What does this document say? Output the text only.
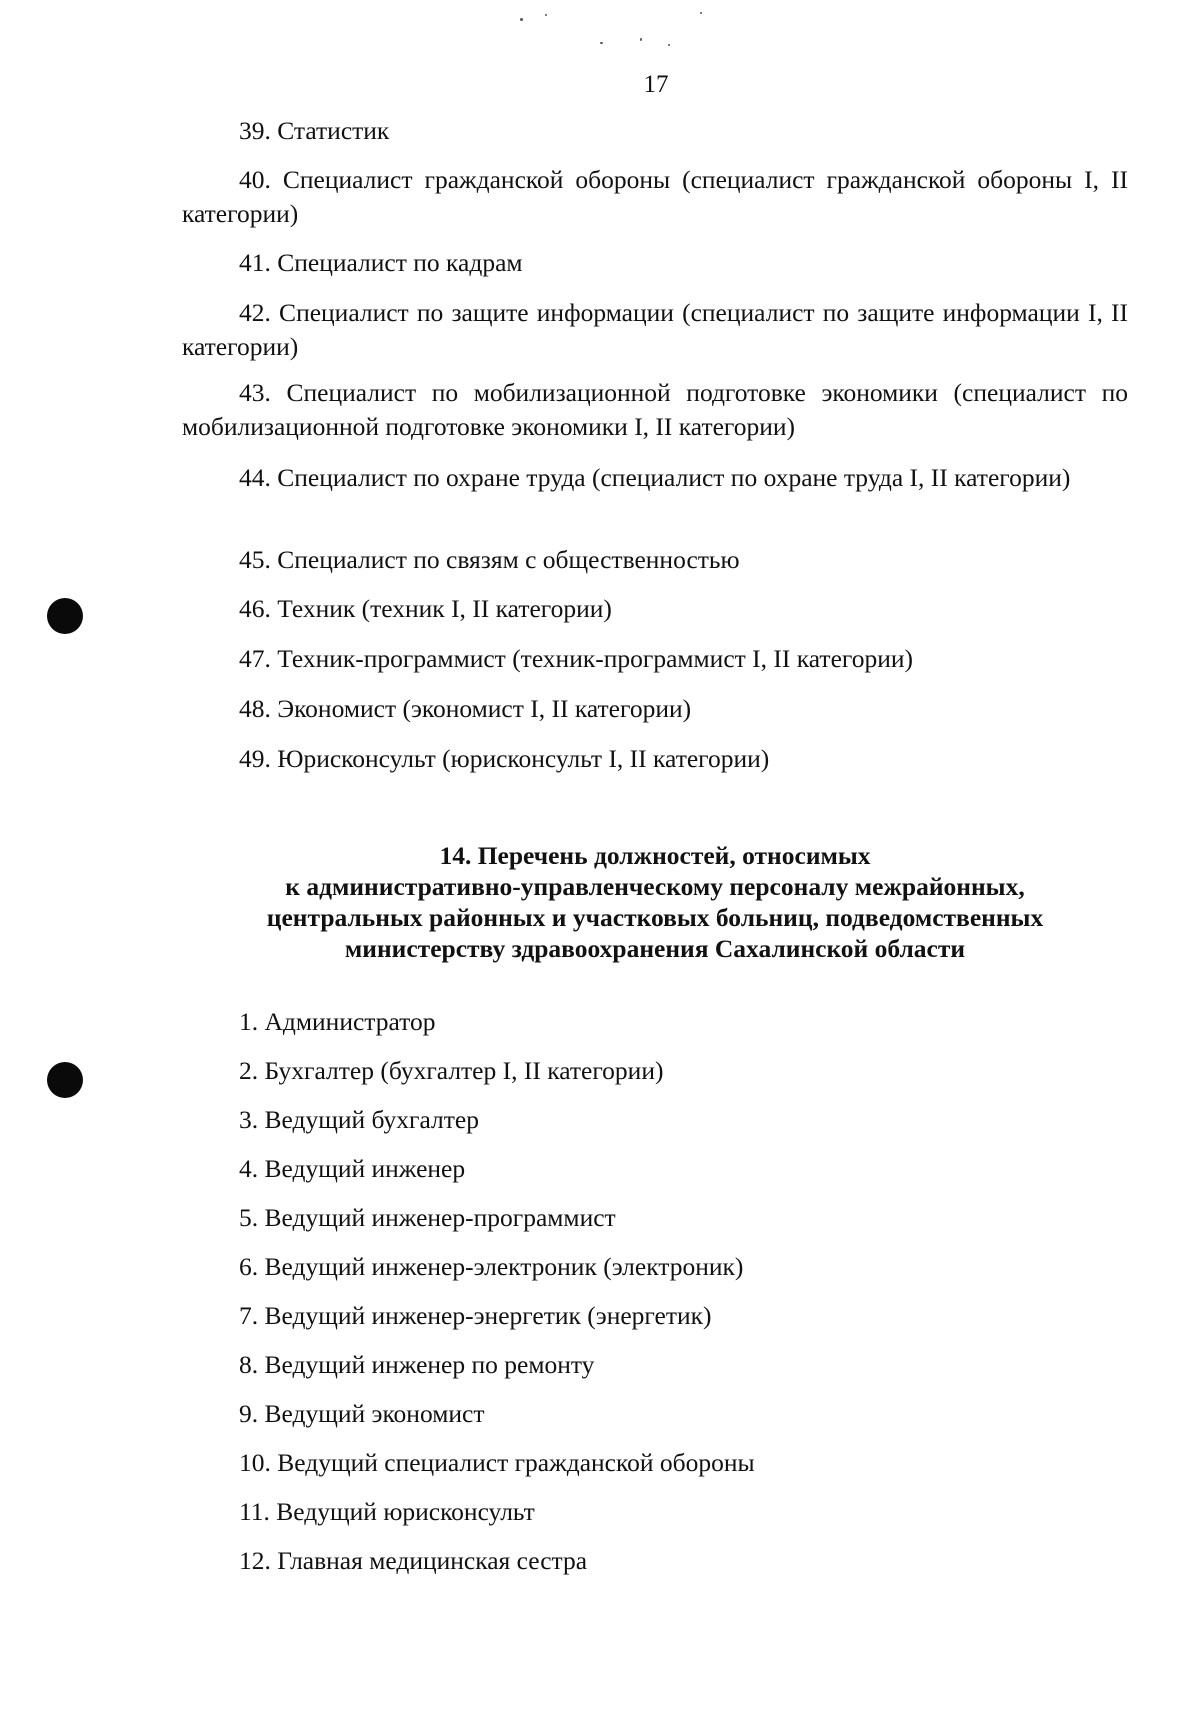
17

39. Статистик

40. Специалист гражданской обороны (специалист гражданской обороны I, II категории)

41. Специалист по кадрам

42. Специалист по защите информации (специалист по защите информации I, II категории)

43. Специалист по мобилизационной подготовке экономики (специалист по мобилизационной подготовке экономики I, II категории)

44. Специалист по охране труда (специалист по охране труда I, II категории)

45. Специалист по связям с общественностью

46. Техник (техник I, II категории)

47. Техник-программист (техник-программист I, II категории)

48. Экономист (экономист I, II категории)

49. Юрисконсульт (юрисконсульт I, II категории)

14. Перечень должностей, относимых
к административно-управленческому персоналу межрайонных,
центральных районных и участковых больниц, подведомственных
министерству здравоохранения Сахалинской области

1. Администратор

2. Бухгалтер (бухгалтер I, II категории)

3. Ведущий бухгалтер

4. Ведущий инженер

5. Ведущий инженер-программист

6. Ведущий инженер-электроник (электроник)

7. Ведущий инженер-энергетик (энергетик)

8. Ведущий инженер по ремонту

9. Ведущий экономист

10. Ведущий специалист гражданской обороны

11. Ведущий юрисконсульт

12. Главная медицинская сестра
